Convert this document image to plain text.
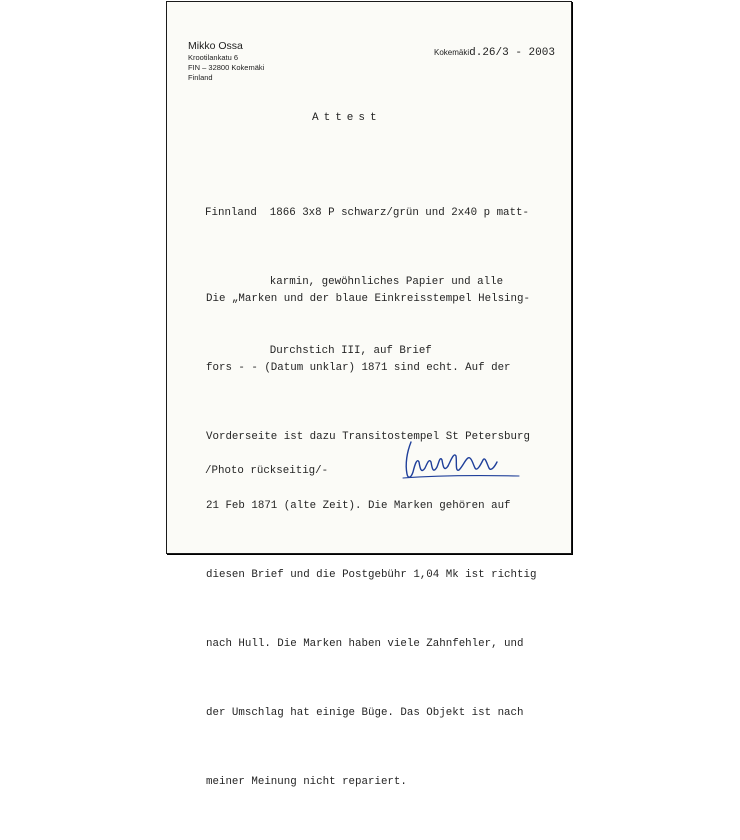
Mikko Ossa
Krootilankatu 6
FIN – 32800 Kokemäki
Finland
Kokemäkid.26/3 - 2003
Attest

Finnland  1866 3x8 P schwarz/grün und 2x40 p matt-

karmin, gewöhnliches Papier und alle

Durchstich III, auf Brief

Die „Marken und der blaue Einkreisstempel Helsing-

fors - - (Datum unklar) 1871 sind echt. Auf der

Vorderseite ist dazu Transitostempel St Petersburg

21 Feb 1871 (alte Zeit). Die Marken gehören auf

diesen Brief und die Postgebühr 1,04 Mk ist richtig

nach Hull. Die Marken haben viele Zahnfehler, und

der Umschlag hat einige Büge. Das Objekt ist nach

meiner Meinung nicht repariert.

/Photo rückseitig/-
